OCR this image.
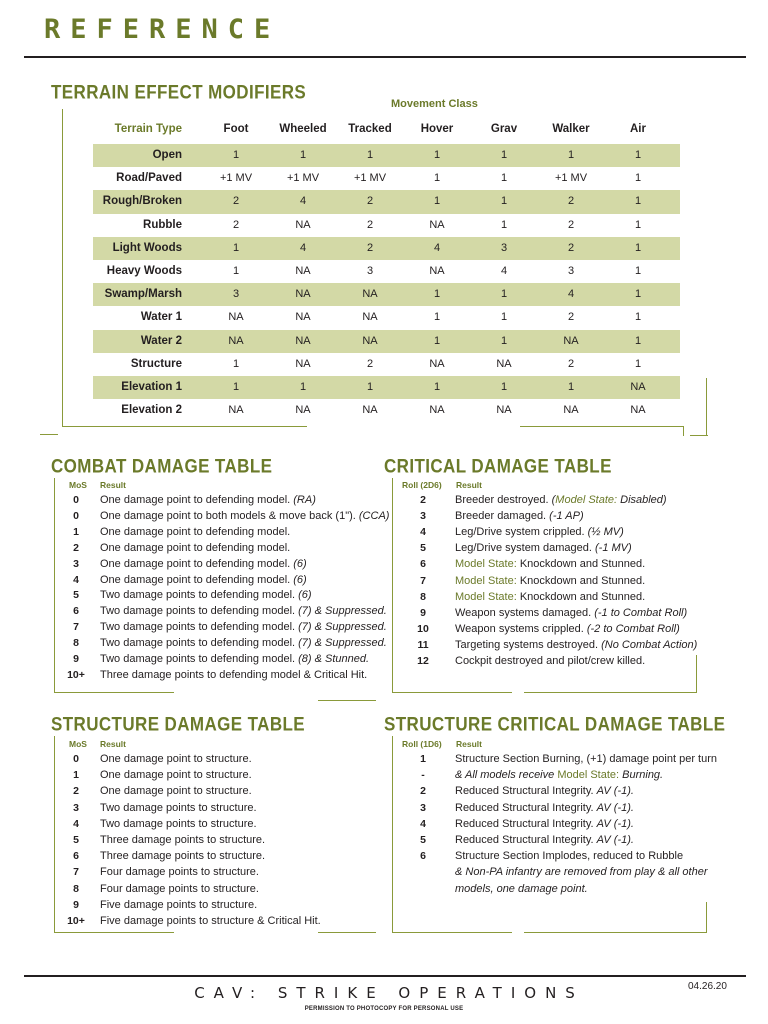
REFERENCE
TERRAIN EFFECT MODIFIERS
Movement Class
Terrain Type	Foot	Wheeled	Tracked	Hover	Grav	Walker	Air
Open	1	1	1	1	1	1	1
Road/Paved	+1 MV	+1 MV	+1 MV	1	1	+1 MV	1
Rough/Broken	2	4	2	1	1	2	1
Rubble	2	NA	2	NA	1	2	1
Light Woods	1	4	2	4	3	2	1
Heavy Woods	1	NA	3	NA	4	3	1
Swamp/Marsh	3	NA	NA	1	1	4	1
Water 1	NA	NA	NA	1	1	2	1
Water 2	NA	NA	NA	1	1	NA	1
Structure	1	NA	2	NA	NA	2	1
Elevation 1	1	1	1	1	1	1	NA
Elevation 2	NA	NA	NA	NA	NA	NA	NA
COMBAT DAMAGE TABLE
MoS Result
0	One damage point to defending model. (RA)
0	One damage point to both models & move back (1"). (CCA)
1	One damage point to defending model.
2	One damage point to defending model.
3	One damage point to defending model. (6)
4	One damage point to defending model. (6)
5	Two damage points to defending model. (6)
6	Two damage points to defending model. (7) & Suppressed.
7	Two damage points to defending model. (7) & Suppressed.
8	Two damage points to defending model. (7) & Suppressed.
9	Two damage points to defending model. (8) & Stunned.
10+	Three damage points to defending model & Critical Hit.
CRITICAL DAMAGE TABLE
Roll (2D6) Result
2	Breeder destroyed. (Model State: Disabled)
3	Breeder damaged. (-1 AP)
4	Leg/Drive system crippled. (½ MV)
5	Leg/Drive system damaged. (-1 MV)
6	Model State: Knockdown and Stunned.
7	Model State: Knockdown and Stunned.
8	Model State: Knockdown and Stunned.
9	Weapon systems damaged. (-1 to Combat Roll)
10	Weapon systems crippled. (-2 to Combat Roll)
11	Targeting systems destroyed. (No Combat Action)
12	Cockpit destroyed and pilot/crew killed.
STRUCTURE DAMAGE TABLE
MoS Result
0	One damage point to structure.
1	One damage point to structure.
2	One damage point to structure.
3	Two damage points to structure.
4	Two damage points to structure.
5	Three damage points to structure.
6	Three damage points to structure.
7	Four damage points to structure.
8	Four damage points to structure.
9	Five damage points to structure.
10+	Five damage points to structure & Critical Hit.
STRUCTURE CRITICAL DAMAGE TABLE
Roll (1D6) Result
1	Structure Section Burning, (+1) damage point per turn
-	& All models receive Model State: Burning.
2	Reduced Structural Integrity. AV (-1).
3	Reduced Structural Integrity. AV (-1).
4	Reduced Structural Integrity. AV (-1).
5	Reduced Structural Integrity. AV (-1).
6	Structure Section Implodes, reduced to Rubble
& Non-PA infantry are removed from play & all other
models, one damage point.
CAV: STRIKE OPERATIONS
PERMISSION TO PHOTOCOPY FOR PERSONAL USE
04.26.20
